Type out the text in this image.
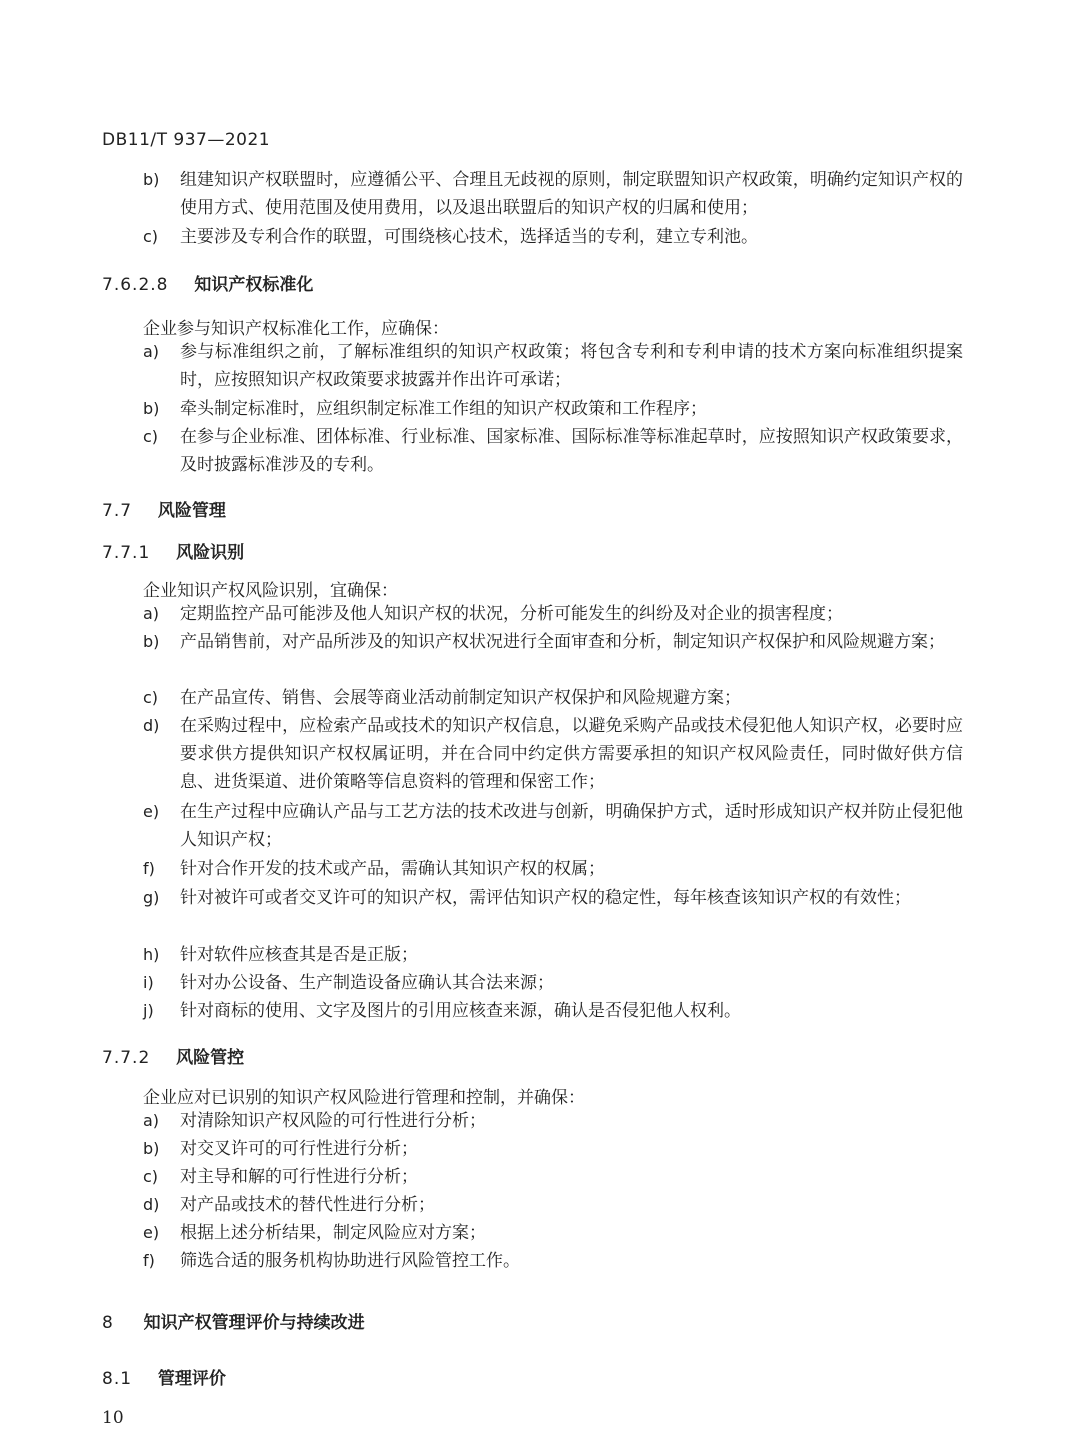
DB11/T 937—2021
b) 组建知识产权联盟时，应遵循公平、合理且无歧视的原则，制定联盟知识产权政策，明确约定知识产权的使用方式、使用范围及使用费用，以及退出联盟后的知识产权的归属和使用；
c) 主要涉及专利合作的联盟，可围绕核心技术，选择适当的专利，建立专利池。
7.6.2.8 知识产权标准化
企业参与知识产权标准化工作，应确保：
a) 参与标准组织之前，了解标准组织的知识产权政策；将包含专利和专利申请的技术方案向标准组织提案时，应按照知识产权政策要求披露并作出许可承诺；
b) 牵头制定标准时，应组织制定标准工作组的知识产权政策和工作程序；
c) 在参与企业标准、团体标准、行业标准、国家标准、国际标准等标准起草时，应按照知识产权政策要求，及时披露标准涉及的专利。
7.7 风险管理
7.7.1 风险识别
企业知识产权风险识别，宜确保：
a) 定期监控产品可能涉及他人知识产权的状况，分析可能发生的纠纷及对企业的损害程度；
b) 产品销售前，对产品所涉及的知识产权状况进行全面审查和分析，制定知识产权保护和风险规避方案；
c) 在产品宣传、销售、会展等商业活动前制定知识产权保护和风险规避方案；
d) 在采购过程中，应检索产品或技术的知识产权信息，以避免采购产品或技术侵犯他人知识产权，必要时应要求供方提供知识产权权属证明，并在合同中约定供方需要承担的知识产权风险责任，同时做好供方信息、进货渠道、进价策略等信息资料的管理和保密工作；
e) 在生产过程中应确认产品与工艺方法的技术改进与创新，明确保护方式，适时形成知识产权并防止侵犯他人知识产权；
f) 针对合作开发的技术或产品，需确认其知识产权的权属；
g) 针对被许可或者交叉许可的知识产权，需评估知识产权的稳定性，每年核查该知识产权的有效性；
h) 针对软件应核查其是否是正版；
i) 针对办公设备、生产制造设备应确认其合法来源；
j) 针对商标的使用、文字及图片的引用应核查来源，确认是否侵犯他人权利。
7.7.2 风险管控
企业应对已识别的知识产权风险进行管理和控制，并确保：
a) 对清除知识产权风险的可行性进行分析；
b) 对交叉许可的可行性进行分析；
c) 对主导和解的可行性进行分析；
d) 对产品或技术的替代性进行分析；
e) 根据上述分析结果，制定风险应对方案；
f) 筛选合适的服务机构协助进行风险管控工作。
8 知识产权管理评价与持续改进
8.1 管理评价
10
